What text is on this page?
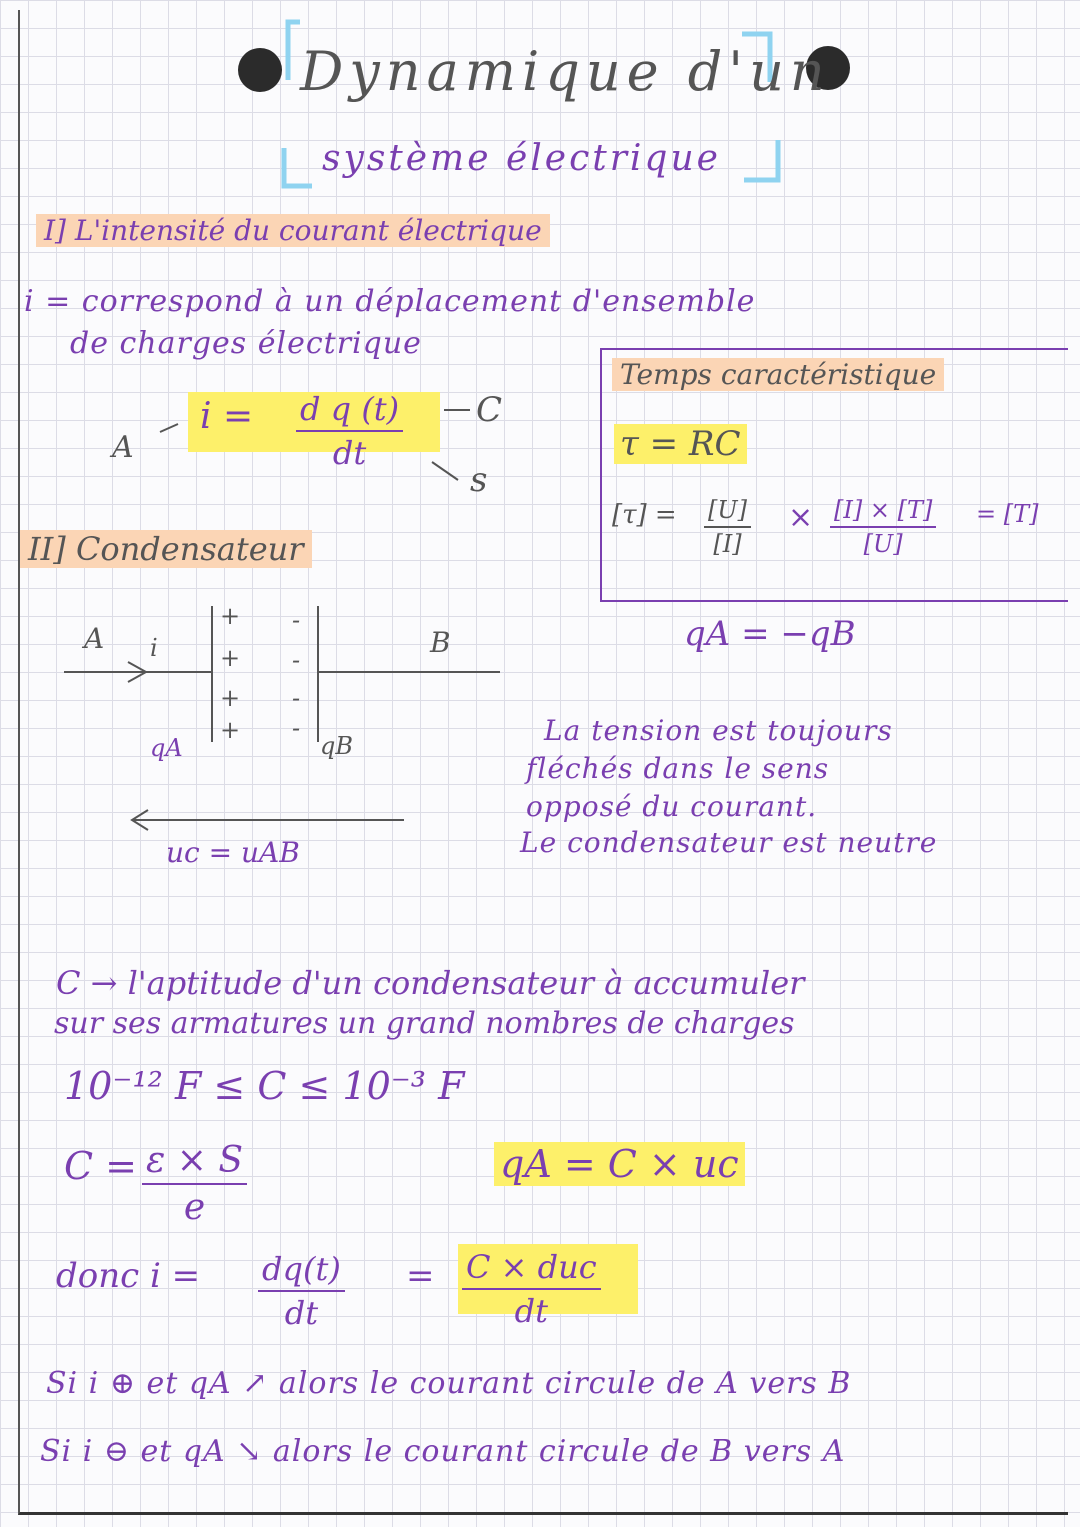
Dynamique d'un
système électrique
I] L'intensité du courant électrique
i = correspond à un déplacement d'ensemble
de charges électrique
A
i = d q (t)
dt
C
s
Temps caractéristique
τ = RC
[τ] = [U]
[I]
× [I] × [T]
[U]
= [T]
qA = −qB
II] Condensateur
A i	B
+
+
+
+
-
-
-
-
qA	qB
uc = uAB
La tension est toujours
fléchés dans le sens
opposé du courant.
Le condensateur est neutre
C → l'aptitude d'un condensateur à accumuler
sur ses armatures un grand nombres de charges
10⁻¹² F ≤ C ≤ 10⁻³ F
C = ε × S
e
qA = C × uc
donc i = dq(t)
dt
= C × duc
dt
Si i ⊕ et qA ↗ alors le courant circule de A vers B
Si i ⊖ et qA ↘ alors le courant circule de B vers A
